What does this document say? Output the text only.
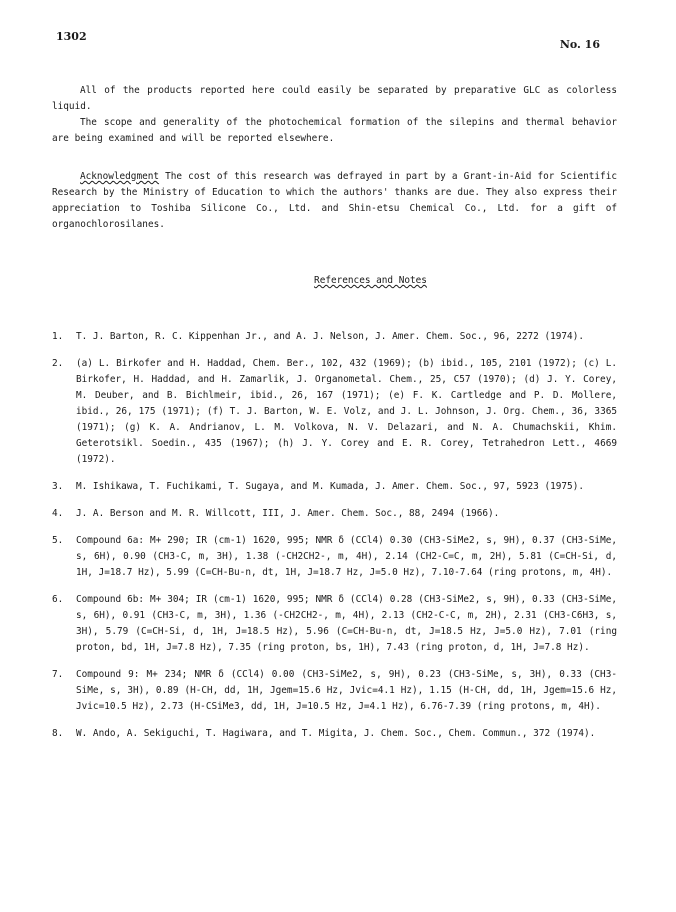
1302
No. 16

All of the products reported here could easily be separated by preparative GLC as colorless liquid.

The scope and generality of the photochemical formation of the silepins and thermal behavior are being examined and will be reported elsewhere.

Acknowledgment The cost of this research was defrayed in part by a Grant-in-Aid for Scientific Research by the Ministry of Education to which the authors' thanks are due. They also express their appreciation to Toshiba Silicone Co., Ltd. and Shin-etsu Chemical Co., Ltd. for a gift of organochlorosilanes.

References and Notes
1. T. J. Barton, R. C. Kippenhan Jr., and A. J. Nelson, J. Amer. Chem. Soc., 96, 2272 (1974).
2. (a) L. Birkofer and H. Haddad, Chem. Ber., 102, 432 (1969); (b) ibid., 105, 2101 (1972); (c) L. Birkofer, H. Haddad, and H. Zamarlik, J. Organometal. Chem., 25, C57 (1970); (d) J. Y. Corey, M. Deuber, and B. Bichlmeir, ibid., 26, 167 (1971); (e) F. K. Cartledge and P. D. Mollere, ibid., 26, 175 (1971); (f) T. J. Barton, W. E. Volz, and J. L. Johnson, J. Org. Chem., 36, 3365 (1971); (g) K. A. Andrianov, L. M. Volkova, N. V. Delazari, and N. A. Chumachskii, Khim. Geterotsikl. Soedin., 435 (1967); (h) J. Y. Corey and E. R. Corey, Tetrahedron Lett., 4669 (1972).
3. M. Ishikawa, T. Fuchikami, T. Sugaya, and M. Kumada, J. Amer. Chem. Soc., 97, 5923 (1975).
4. J. A. Berson and M. R. Willcott, III, J. Amer. Chem. Soc., 88, 2494 (1966).
5. Compound 6a: M+ 290; IR (cm-1) 1620, 995; NMR δ (CCl4) 0.30 (CH3-SiMe2, s, 9H), 0.37 (CH3-SiMe, s, 6H), 0.90 (CH3-C, m, 3H), 1.38 (-CH2CH2-, m, 4H), 2.14 (CH2-C=C, m, 2H), 5.81 (C=CH-Si, d, 1H, J=18.7 Hz), 5.99 (C=CH-Bu-n, dt, 1H, J=18.7 Hz, J=5.0 Hz), 7.10-7.64 (ring protons, m, 4H).
6. Compound 6b: M+ 304; IR (cm-1) 1620, 995; NMR δ (CCl4) 0.28 (CH3-SiMe2, s, 9H), 0.33 (CH3-SiMe, s, 6H), 0.91 (CH3-C, m, 3H), 1.36 (-CH2CH2-, m, 4H), 2.13 (CH2-C-C, m, 2H), 2.31 (CH3-C6H3, s, 3H), 5.79 (C=CH-Si, d, 1H, J=18.5 Hz), 5.96 (C=CH-Bu-n, dt, J=18.5 Hz, J=5.0 Hz), 7.01 (ring proton, bd, 1H, J=7.8 Hz), 7.35 (ring proton, bs, 1H), 7.43 (ring proton, d, 1H, J=7.8 Hz).
7. Compound 9: M+ 234; NMR δ (CCl4) 0.00 (CH3-SiMe2, s, 9H), 0.23 (CH3-SiMe, s, 3H), 0.33 (CH3-SiMe, s, 3H), 0.89 (H-CH, dd, 1H, Jgem=15.6 Hz, Jvic=4.1 Hz), 1.15 (H-CH, dd, 1H, Jgem=15.6 Hz, Jvic=10.5 Hz), 2.73 (H-CSiMe3, dd, 1H, J=10.5 Hz, J=4.1 Hz), 6.76-7.39 (ring protons, m, 4H).
8. W. Ando, A. Sekiguchi, T. Hagiwara, and T. Migita, J. Chem. Soc., Chem. Commun., 372 (1974).
